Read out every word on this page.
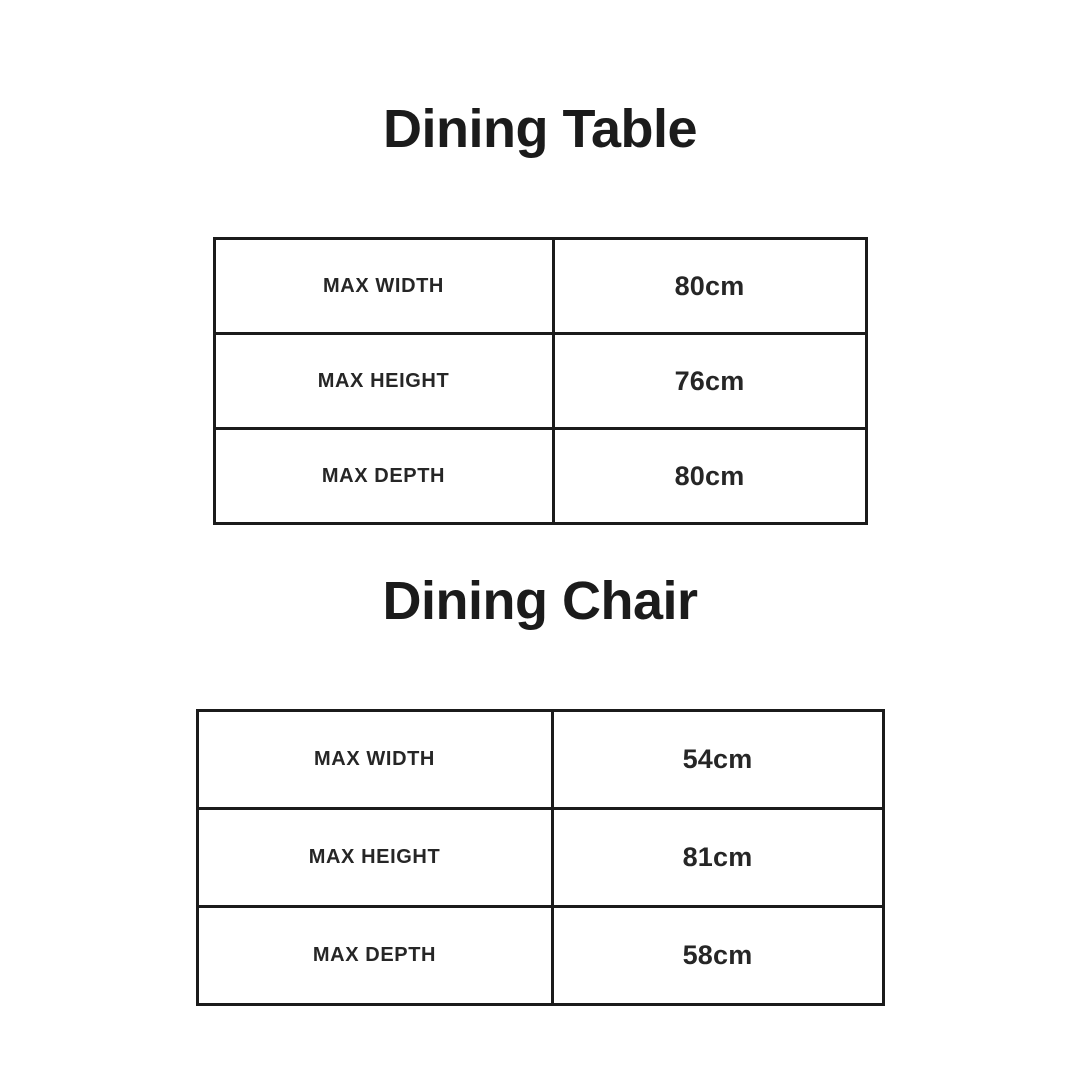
Dining Table
MAX WIDTH	80cm
MAX HEIGHT	76cm
MAX DEPTH	80cm
Dining Chair
MAX WIDTH	54cm
MAX HEIGHT	81cm
MAX DEPTH	58cm
